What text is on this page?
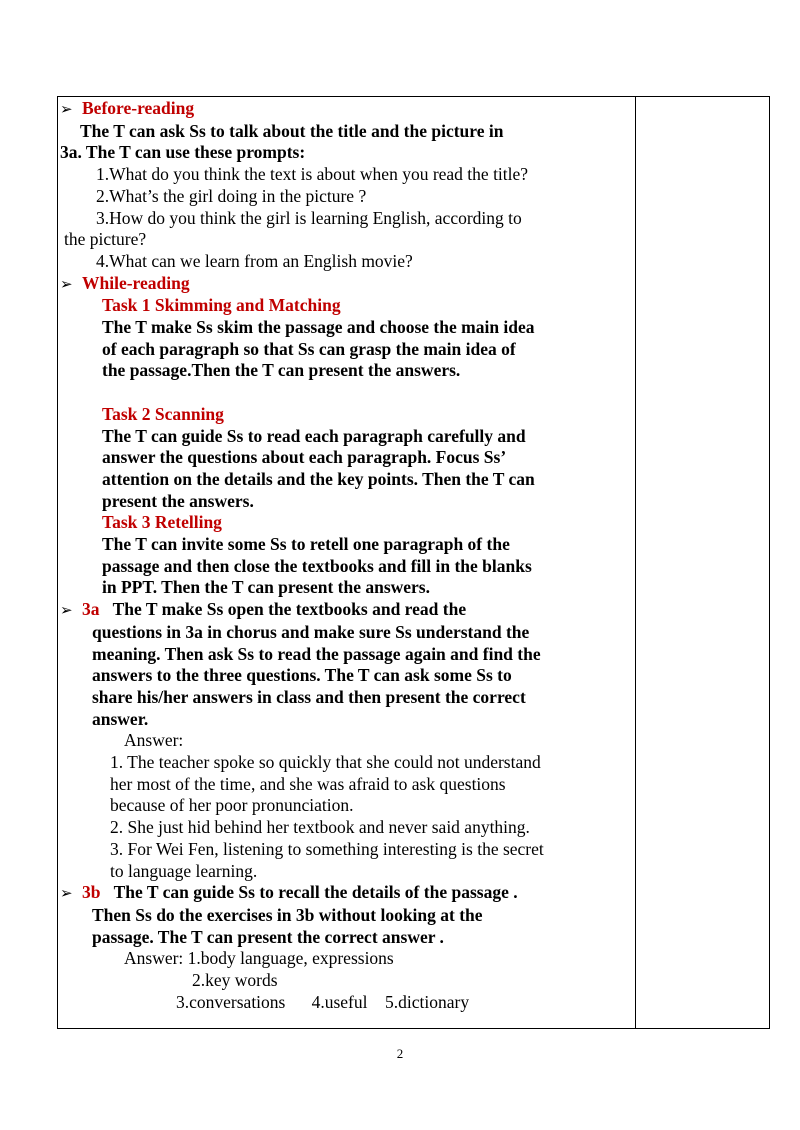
➢ Before-reading
The T can ask Ss to talk about the title and the picture in
3a. The T can use these prompts:
1.What do you think the text is about when you read the title?
2.What’s the girl doing in the picture ?
3.How do you think the girl is learning English, according to
the picture?
4.What can we learn from an English movie?
➢ While-reading
Task 1 Skimming and Matching
The T make Ss skim the passage and choose the main idea
of each paragraph so that Ss can grasp the main idea of
the passage.Then the T can present the answers.
Task 2 Scanning
The T can guide Ss to read each paragraph carefully and
answer the questions about each paragraph. Focus Ss’
attention on the details and the key points. Then the T can
present the answers.
Task 3 Retelling
The T can invite some Ss to retell one paragraph of the
passage and then close the textbooks and fill in the blanks
in PPT. Then the T can present the answers.
➢ 3a The T make Ss open the textbooks and read the
questions in 3a in chorus and make sure Ss understand the
meaning. Then ask Ss to read the passage again and find the
answers to the three questions. The T can ask some Ss to
share his/her answers in class and then present the correct
answer.
Answer:
1. The teacher spoke so quickly that she could not understand
her most of the time, and she was afraid to ask questions
because of her poor pronunciation.
2. She just hid behind her textbook and never said anything.
3. For Wei Fen, listening to something interesting is the secret
to language learning.
➢ 3b The T can guide Ss to recall the details of the passage .
Then Ss do the exercises in 3b without looking at the
passage. The T can present the correct answer .
Answer: 1.body language, expressions
2.key words
3.conversations      4.useful    5.dictionary
2
